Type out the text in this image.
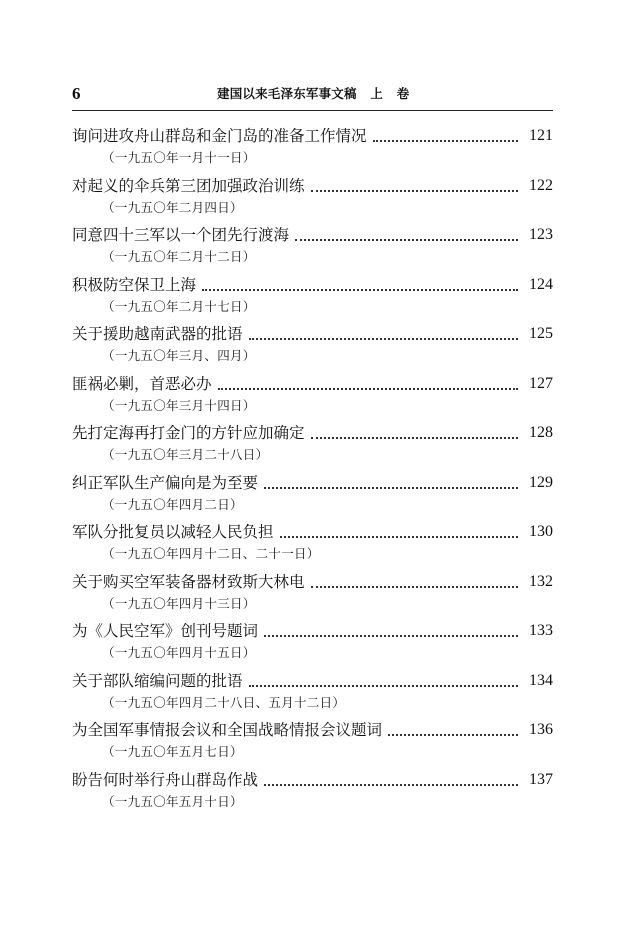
6	建国以来毛泽东军事文稿   上   卷
询问进攻舟山群岛和金门岛的准备工作情况	121
（一九五〇年一月十一日）
对起义的伞兵第三团加强政治训练	122
（一九五〇年二月四日）
同意四十三军以一个团先行渡海	123
（一九五〇年二月十二日）
积极防空保卫上海	124
（一九五〇年二月十七日）
关于援助越南武器的批语	125
（一九五〇年三月、四月）
匪祸必剿，首恶必办	127
（一九五〇年三月十四日）
先打定海再打金门的方针应加确定	128
（一九五〇年三月二十八日）
纠正军队生产偏向是为至要	129
（一九五〇年四月二日）
军队分批复员以减轻人民负担	130
（一九五〇年四月十二日、二十一日）
关于购买空军装备器材致斯大林电	132
（一九五〇年四月十三日）
为《人民空军》创刊号题词	133
（一九五〇年四月十五日）
关于部队缩编问题的批语	134
（一九五〇年四月二十八日、五月十二日）
为全国军事情报会议和全国战略情报会议题词	136
（一九五〇年五月七日）
盼告何时举行舟山群岛作战	137
（一九五〇年五月十日）
